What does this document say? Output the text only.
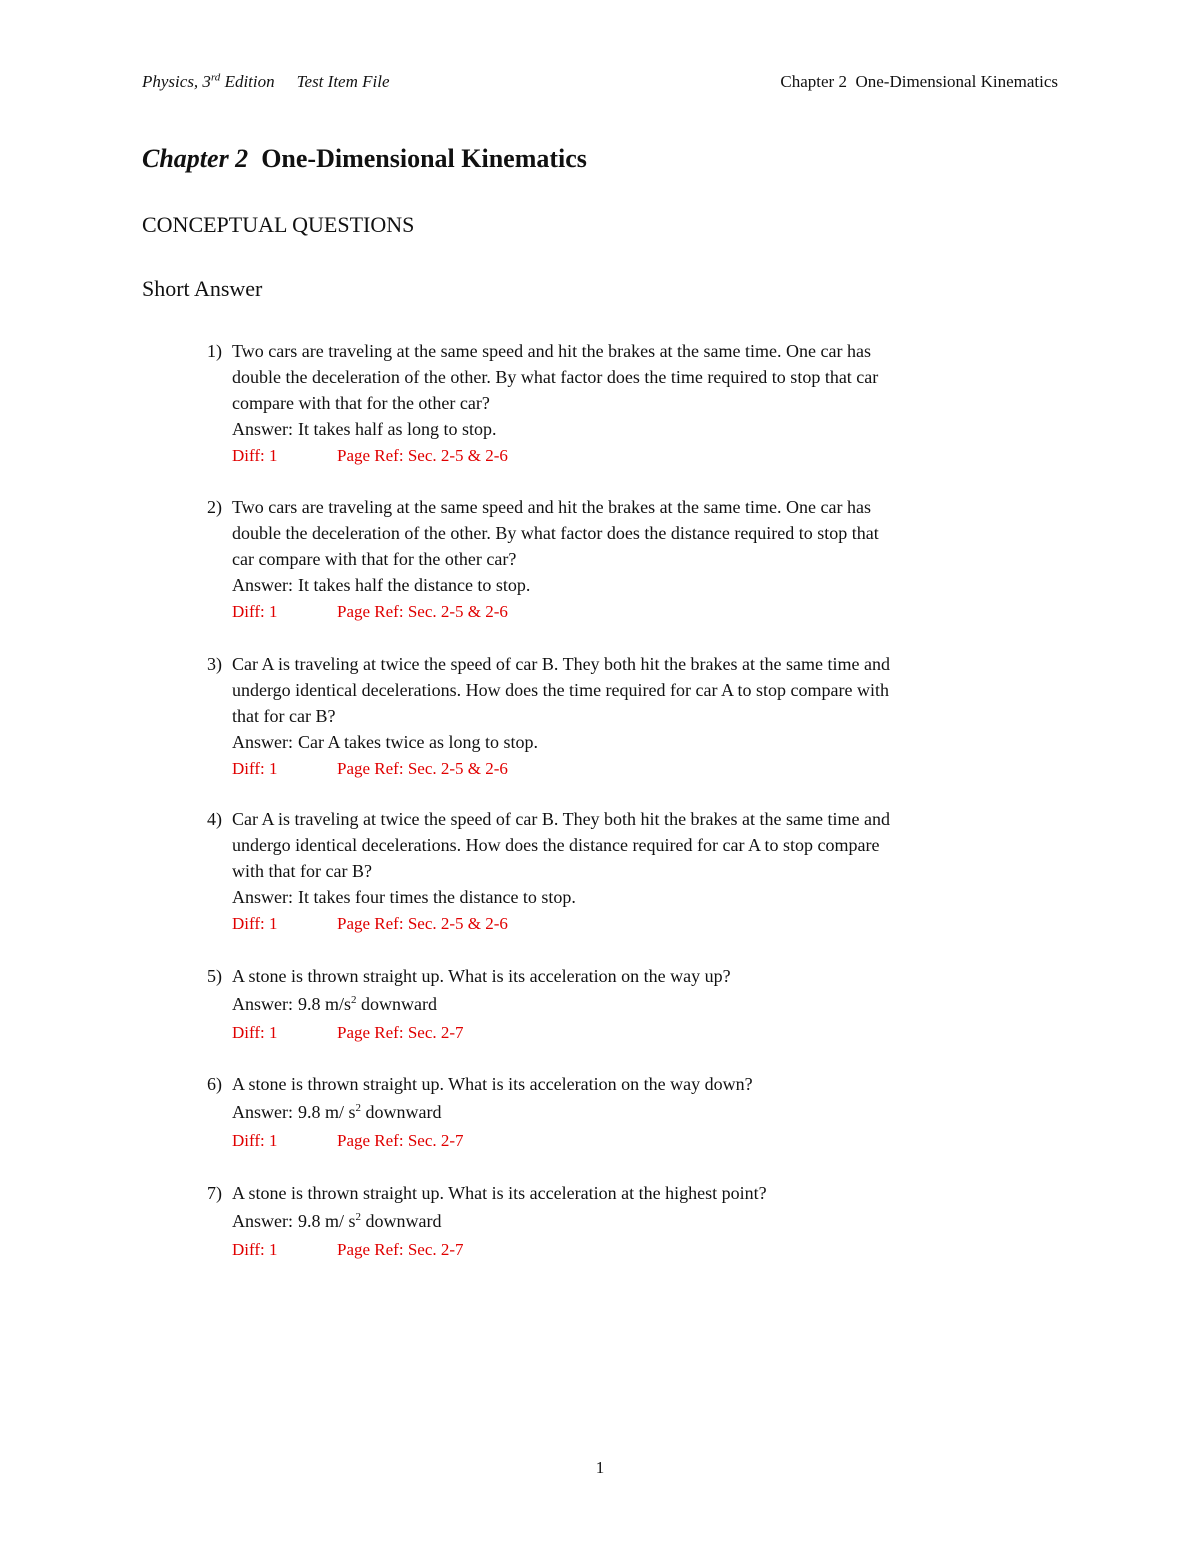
Physics, 3rd Edition Test Item File	Chapter 2  One-Dimensional Kinematics
Chapter 2 One-Dimensional Kinematics
CONCEPTUAL QUESTIONS
Short Answer
1) Two cars are traveling at the same speed and hit the brakes at the same time. One car has
double the deceleration of the other. By what factor does the time required to stop that car
compare with that for the other car?
Answer: It takes half as long to stop.
Diff: 1	Page Ref: Sec. 2-5 & 2-6
2) Two cars are traveling at the same speed and hit the brakes at the same time. One car has
double the deceleration of the other. By what factor does the distance required to stop that
car compare with that for the other car?
Answer: It takes half the distance to stop.
Diff: 1	Page Ref: Sec. 2-5 & 2-6
3) Car A is traveling at twice the speed of car B. They both hit the brakes at the same time and
undergo identical decelerations. How does the time required for car A to stop compare with
that for car B?
Answer: Car A takes twice as long to stop.
Diff: 1	Page Ref: Sec. 2-5 & 2-6
4) Car A is traveling at twice the speed of car B. They both hit the brakes at the same time and
undergo identical decelerations. How does the distance required for car A to stop compare
with that for car B?
Answer: It takes four times the distance to stop.
Diff: 1	Page Ref: Sec. 2-5 & 2-6
5) A stone is thrown straight up. What is its acceleration on the way up?
Answer: 9.8 $m/s^2$ downward
Diff: 1	Page Ref: Sec. 2-7
6) A stone is thrown straight up. What is its acceleration on the way down?
Answer: 9.8 m/ $s^2$ downward
Diff: 1	Page Ref: Sec. 2-7
7) A stone is thrown straight up. What is its acceleration at the highest point?
Answer: 9.8 m/ $s^2$ downward
Diff: 1	Page Ref: Sec. 2-7
1
